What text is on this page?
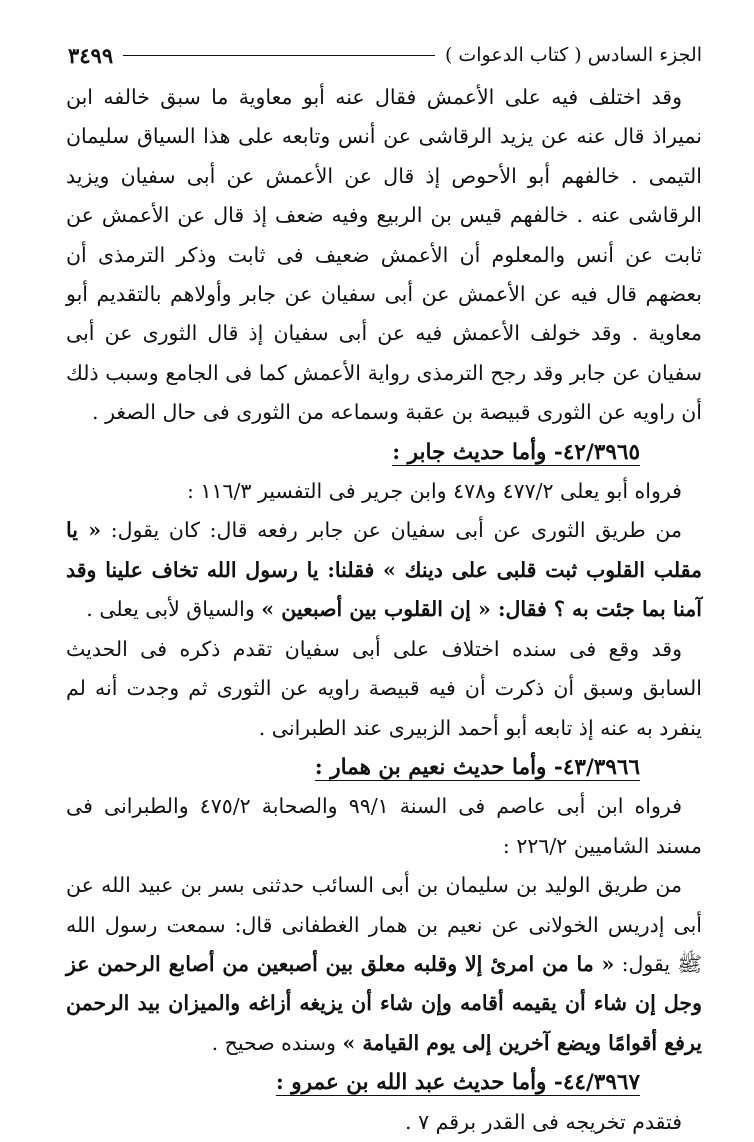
الجزء السادس ( كتاب الدعوات )
٣٤٩٩

وقد اختلف فيه على الأعمش فقال عنه أبو معاوية ما سبق خالفه ابن نميراذ قال عنه عن يزيد الرقاشى عن أنس وتابعه على هذا السياق سليمان التيمى . خالفهم أبو الأحوص إذ قال عن الأعمش عن أبى سفيان ويزيد الرقاشى عنه . خالفهم قيس بن الربيع وفيه ضعف إذ قال عن الأعمش عن ثابت عن أنس والمعلوم أن الأعمش ضعيف فى ثابت وذكر الترمذى أن بعضهم قال فيه عن الأعمش عن أبى سفيان عن جابر وأولاهم بالتقديم أبو معاوية . وقد خولف الأعمش فيه عن أبى سفيان إذ قال الثورى عن أبى سفيان عن جابر وقد رجح الترمذى رواية الأعمش كما فى الجامع وسبب ذلك أن راويه عن الثورى قبيصة بن عقبة وسماعه من الثورى فى حال الصغر .

٤٢/٣٩٦٥- وأما حديث جابر :

فرواه أبو يعلى ٤٧٧/٢ و٤٧٨ وابن جرير فى التفسير ١١٦/٣ :

من طريق الثورى عن أبى سفيان عن جابر رفعه قال: كان يقول: « يا مقلب القلوب ثبت قلبى على دينك » فقلنا: يا رسول الله تخاف علينا وقد آمنا بما جئت به ؟ فقال: « إن القلوب بين أصبعين » والسياق لأبى يعلى .

وقد وقع فى سنده اختلاف على أبى سفيان تقدم ذكره فى الحديث السابق وسبق أن ذكرت أن فيه قبيصة راويه عن الثورى ثم وجدت أنه لم ينفرد به عنه إذ تابعه أبو أحمد الزبيرى عند الطبرانى .

٤٣/٣٩٦٦- وأما حديث نعيم بن همار :

فرواه ابن أبى عاصم فى السنة ٩٩/١ والصحابة ٤٧٥/٢ والطبرانى فى مسند الشاميين ٢٢٦/٢ :

من طريق الوليد بن سليمان بن أبى السائب حدثنى بسر بن عبيد الله عن أبى إدريس الخولانى عن نعيم بن همار الغطفانى قال: سمعت رسول الله ﷺ يقول: « ما من امرئ إلا وقلبه معلق بين أصبعين من أصابع الرحمن عز وجل إن شاء أن يقيمه أقامه وإن شاء أن يزيغه أزاغه والميزان بيد الرحمن يرفع أقوامًا ويضع آخرين إلى يوم القيامة » وسنده صحيح .

٤٤/٣٩٦٧- وأما حديث عبد الله بن عمرو :

فتقدم تخريجه فى القدر برقم ٧ .
